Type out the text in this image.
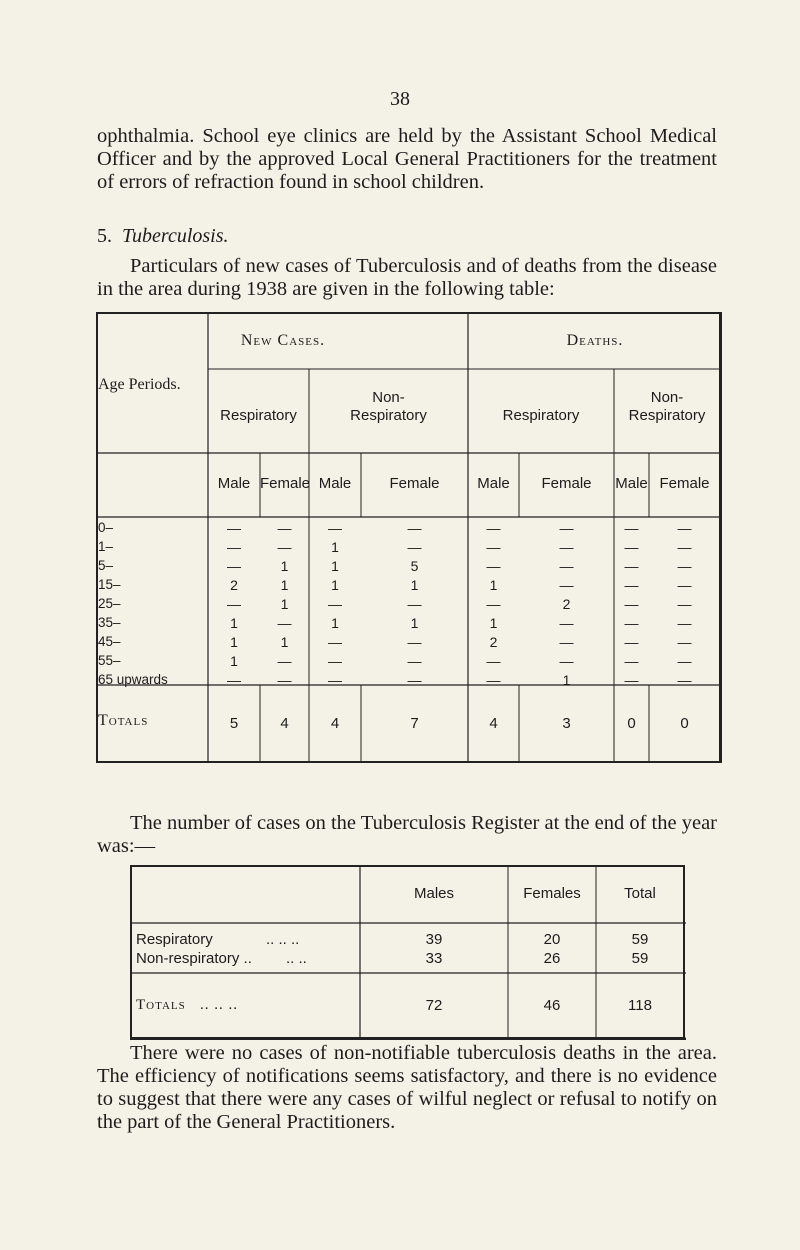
38
ophthalmia. School eye clinics are held by the Assistant School Medical Officer and by the approved Local General Practitioners for the treatment of errors of refraction found in school children.
5. Tuberculosis.
Particulars of new cases of Tuberculosis and of deaths from the disease in the area during 1938 are given in the following table:
Age Periods.
New Cases.	Deaths.
Respiratory
Non-
Respiratory	Respiratory
Non-
Respiratory
Male Female Male	Female	Male	Female	Male Female
0–	—	—	—	—	—	—	—	—
1–	—	—	1	—	—	—	—	—
5–	—	1	1	5	—	—	—	—
15–	2	1	1	1	1	—	—	—
25–	—	1	—	—	—	2	—	—
35–	1	—	1	1	1	—	—	—
45–	1	1	—	—	2	—	—	—
55–	1	—	—	—	—	—	—	—
65 upwards	—	—	—	—	—	1	—	—
Totals	5	4	4	7	4	3	0	0
The number of cases on the Tuberculosis Register at the end of the year was:—
Males	Females	Total
Respiratory	.. .. ..	39	20	59
Non-respiratory .. .. ..	33	26	59
Totals .. .. ..	72	46	118
There were no cases of non-notifiable tuberculosis deaths in the area. The efficiency of notifications seems satisfactory, and there is no evidence to suggest that there were any cases of wilful neglect or refusal to notify on the part of the General Practitioners.
